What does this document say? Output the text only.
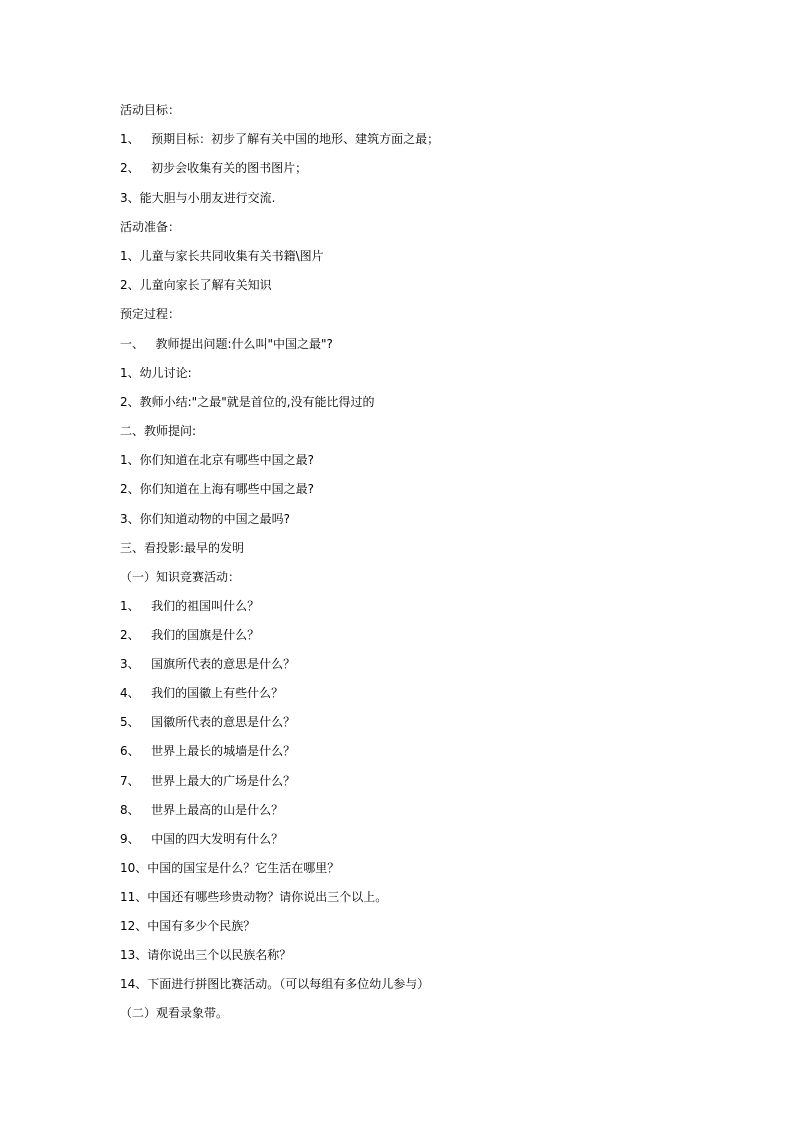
活动目标：
1、   预期目标：初步了解有关中国的地形、建筑方面之最；
2、   初步会收集有关的图书图片；
3、能大胆与小朋友进行交流.
活动准备：
1、儿童与家长共同收集有关书籍\图片
2、儿童向家长了解有关知识
预定过程：
一、   教师提出问题:什么叫"中国之最"?
1、幼儿讨论:
2、教师小结:"之最"就是首位的,没有能比得过的
二、教师提问:
1、你们知道在北京有哪些中国之最?
2、你们知道在上海有哪些中国之最?
3、你们知道动物的中国之最吗?
三、看投影:最早的发明
（一）知识竞赛活动：
1、   我们的祖国叫什么？
2、   我们的国旗是什么？
3、   国旗所代表的意思是什么？
4、   我们的国徽上有些什么？
5、   国徽所代表的意思是什么？
6、   世界上最长的城墙是什么？
7、   世界上最大的广场是什么？
8、   世界上最高的山是什么？
9、   中国的四大发明有什么？
10、中国的国宝是什么？它生活在哪里？
11、中国还有哪些珍贵动物？请你说出三个以上。
12、中国有多少个民族？
13、请你说出三个以民族名称？
14、下面进行拼图比赛活动。（可以每组有多位幼儿参与）
（二）观看录象带。
